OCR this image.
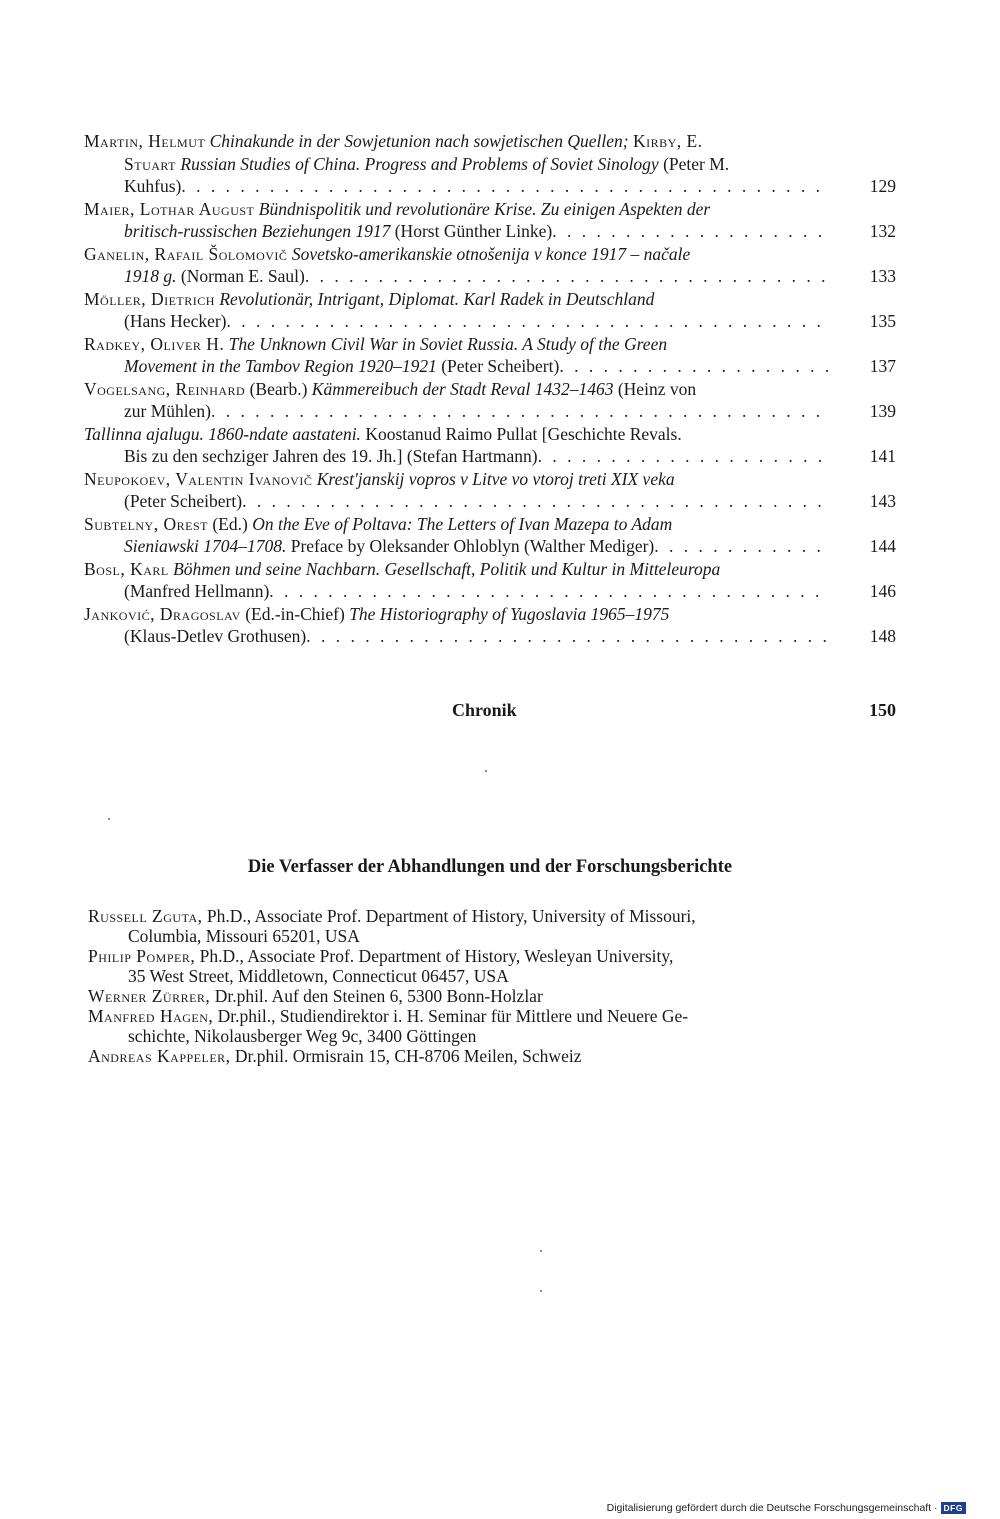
Martin, Helmut Chinakunde in der Sowjetunion nach sowjetischen Quellen; Kirby, E.
Stuart Russian Studies of China. Progress and Problems of Soviet Sinology (Peter M.
Kuhfus) . . .	129
Maier, Lothar August Bündnispolitik und revolutionäre Krise. Zu einigen Aspekten der
britisch-russischen Beziehungen 1917 (Horst Günther Linke) . . .	132
Ganelin, Rafail Šolomovič Sovetsko-amerikanskie otnošenija v konce 1917 – načale
1918 g. (Norman E. Saul) . . .	133
Möller, Dietrich Revolutionär, Intrigant, Diplomat. Karl Radek in Deutschland
(Hans Hecker) . . .	135
Radkey, Oliver H. The Unknown Civil War in Soviet Russia. A Study of the Green
Movement in the Tambov Region 1920–1921 (Peter Scheibert) . . .	137
Vogelsang, Reinhard (Bearb.) Kämmereibuch der Stadt Reval 1432–1463 (Heinz von
zur Mühlen) . . .	139
Tallinna ajalugu. 1860-ndate aastateni. Koostanud Raimo Pullat [Geschichte Revals.
Bis zu den sechziger Jahren des 19. Jh.] (Stefan Hartmann) . . .	141
Neupokoev, Valentin Ivanovič Krest'janskij vopros v Litve vo vtoroj treti XIX veka
(Peter Scheibert) . . .	143
Subtelny, Orest (Ed.) On the Eve of Poltava: The Letters of Ivan Mazepa to Adam
Sieniawski 1704–1708. Preface by Oleksander Ohloblyn (Walther Mediger) . . .	144
Bosl, Karl Böhmen und seine Nachbarn. Gesellschaft, Politik und Kultur in Mitteleuropa
(Manfred Hellmann) . . .	146
Janković, Dragoslav (Ed.-in-Chief) The Historiography of Yugoslavia 1965–1975
(Klaus-Detlev Grothusen) . . .	148
Chronik	150
Die Verfasser der Abhandlungen und der Forschungsberichte
Russell Zguta, Ph.D., Associate Prof. Department of History, University of Missouri,
Columbia, Missouri 65201, USA
Philip Pomper, Ph.D., Associate Prof. Department of History, Wesleyan University,
35 West Street, Middletown, Connecticut 06457, USA
Werner Zürrer, Dr.phil. Auf den Steinen 6, 5300 Bonn-Holzlar
Manfred Hagen, Dr.phil., Studiendirektor i. H. Seminar für Mittlere und Neuere Ge-
schichte, Nikolausberger Weg 9c, 3400 Göttingen
Andreas Kappeler, Dr.phil. Ormisrain 15, CH-8706 Meilen, Schweiz
Digitalisierung gefördert durch die Deutsche Forschungsgemeinschaft · DFG
